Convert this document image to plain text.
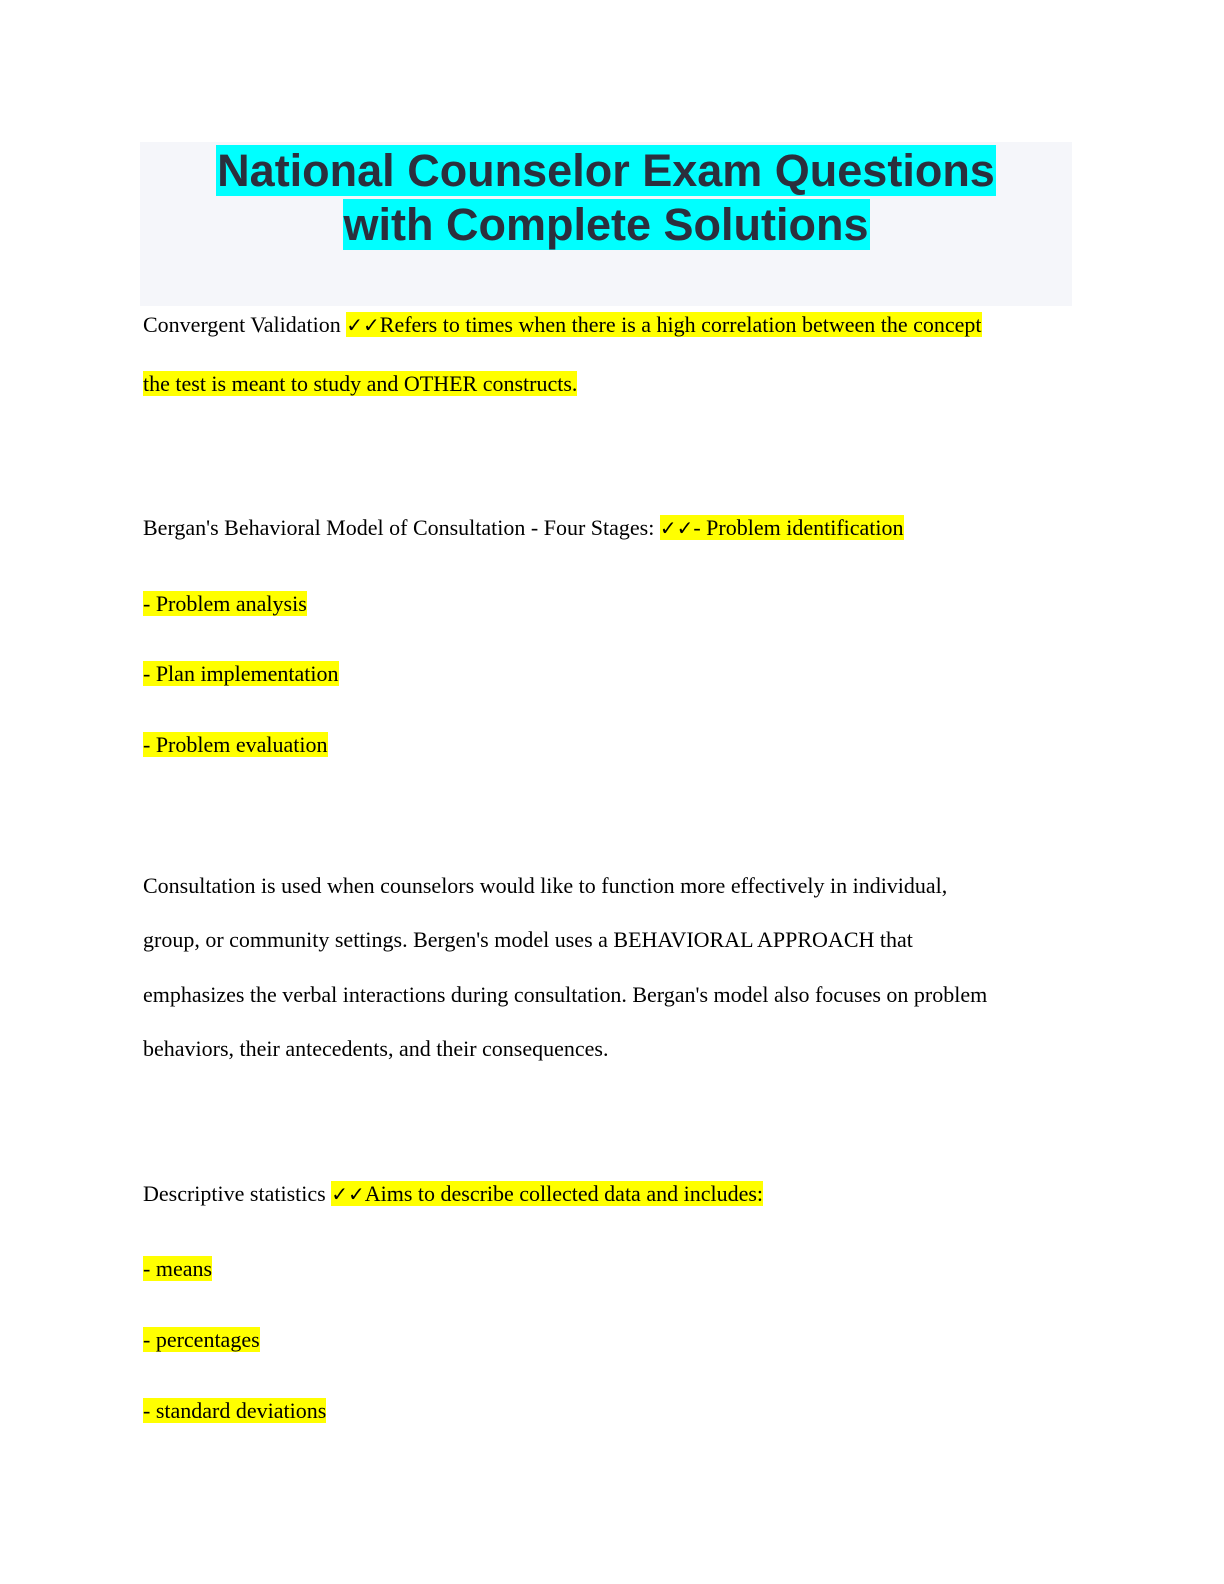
National Counselor Exam Questions
with Complete Solutions
Convergent Validation ✓✓Refers to times when there is a high correlation between the concept
the test is meant to study and OTHER constructs.
Bergan's Behavioral Model of Consultation - Four Stages: ✓✓- Problem identification
- Problem analysis
- Plan implementation
- Problem evaluation
Consultation is used when counselors would like to function more effectively in individual,
group, or community settings. Bergen's model uses a BEHAVIORAL APPROACH that
emphasizes the verbal interactions during consultation. Bergan's model also focuses on problem
behaviors, their antecedents, and their consequences.
Descriptive statistics ✓✓Aims to describe collected data and includes:
- means
- percentages
- standard deviations
